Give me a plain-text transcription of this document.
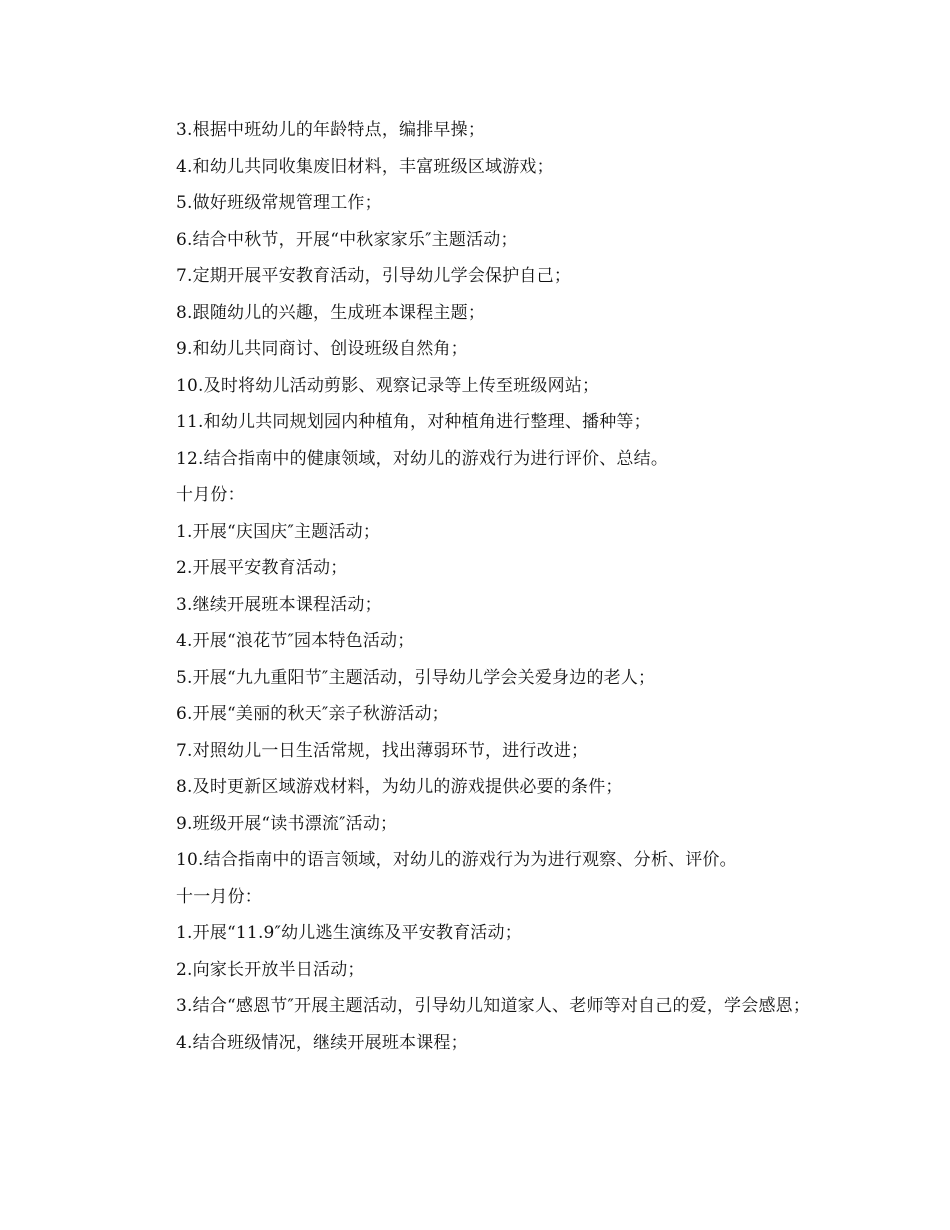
3.根据中班幼儿的年龄特点，编排早操；

4.和幼儿共同收集废旧材料，丰富班级区域游戏；

5.做好班级常规管理工作；

6.结合中秋节，开展“中秋家家乐″主题活动；

7.定期开展平安教育活动，引导幼儿学会保护自己；

8.跟随幼儿的兴趣，生成班本课程主题；

9.和幼儿共同商讨、创设班级自然角；

10.及时将幼儿活动剪影、观察记录等上传至班级网站；

11.和幼儿共同规划园内种植角，对种植角进行整理、播种等；

12.结合指南中的健康领域，对幼儿的游戏行为进行评价、总结。

十月份：

1.开展“庆国庆″主题活动；

2.开展平安教育活动；

3.继续开展班本课程活动；

4.开展“浪花节″园本特色活动；

5.开展“九九重阳节″主题活动，引导幼儿学会关爱身边的老人；

6.开展“美丽的秋天″亲子秋游活动；

7.对照幼儿一日生活常规，找出薄弱环节，进行改进；

8.及时更新区域游戏材料，为幼儿的游戏提供必要的条件；

9.班级开展“读书漂流″活动；

10.结合指南中的语言领域，对幼儿的游戏行为为进行观察、分析、评价。

十一月份：

1.开展“11.9″幼儿逃生演练及平安教育活动；

2.向家长开放半日活动；

3.结合“感恩节″开展主题活动，引导幼儿知道家人、老师等对自己的爱，学会感恩；

4.结合班级情况，继续开展班本课程；
